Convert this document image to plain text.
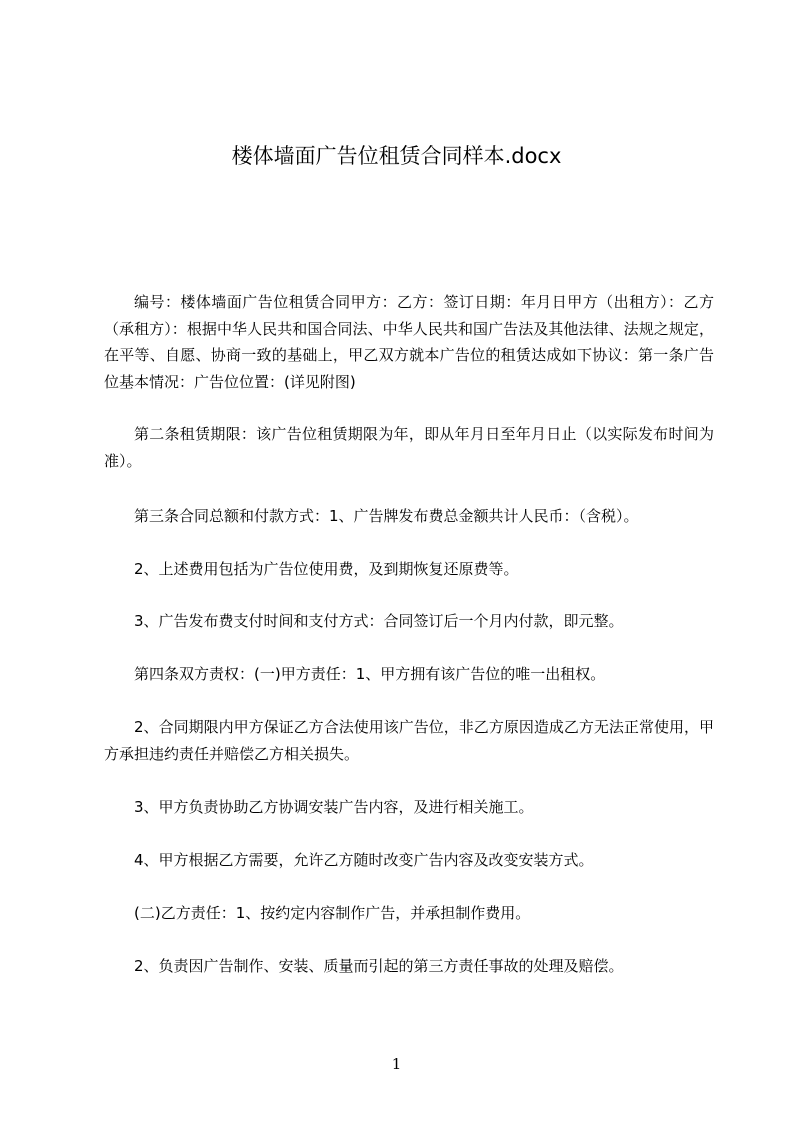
楼体墙面广告位租赁合同样本.docx

编号：楼体墙面广告位租赁合同甲方：乙方：签订日期：年月日甲方（出租方）：乙方（承租方）：根据中华人民共和国合同法、中华人民共和国广告法及其他法律、法规之规定，在平等、自愿、协商一致的基础上，甲乙双方就本广告位的租赁达成如下协议：第一条广告位基本情况：广告位位置：(详见附图)

第二条租赁期限：该广告位租赁期限为年，即从年月日至年月日止（以实际发布时间为准）。

第三条合同总额和付款方式：1、广告牌发布费总金额共计人民币：（含税）。

2、上述费用包括为广告位使用费，及到期恢复还原费等。

3、广告发布费支付时间和支付方式：合同签订后一个月内付款，即元整。

第四条双方责权：(一)甲方责任：1、甲方拥有该广告位的唯一出租权。

2、合同期限内甲方保证乙方合法使用该广告位，非乙方原因造成乙方无法正常使用，甲方承担违约责任并赔偿乙方相关损失。

3、甲方负责协助乙方协调安装广告内容，及进行相关施工。

4、甲方根据乙方需要，允许乙方随时改变广告内容及改变安装方式。

(二)乙方责任：1、按约定内容制作广告，并承担制作费用。

2、负责因广告制作、安装、质量而引起的第三方责任事故的处理及赔偿。

1
